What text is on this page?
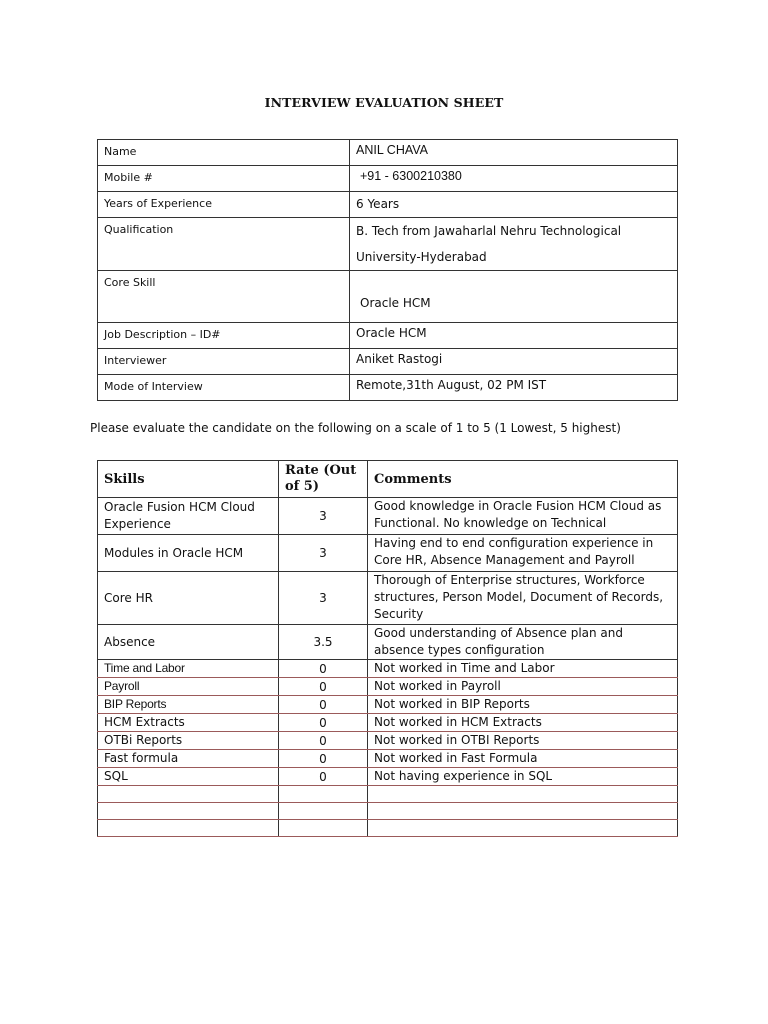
INTERVIEW EVALUATION SHEET
Name	ANIL CHAVA
Mobile #	+91 - 6300210380
Years of Experience	6 Years
Qualification	B. Tech from Jawaharlal Nehru Technological
University-Hyderabad

Core Skill	Oracle HCM
Job Description – ID#	Oracle HCM
Interviewer	Aniket Rastogi
Mode of Interview	Remote,31th August, 02 PM IST
Please evaluate the candidate on the following on a scale of 1 to 5 (1 Lowest, 5 highest)
Skills	Rate (Out of 5)	Comments
Oracle Fusion HCM Cloud Experience	3	Good knowledge in Oracle Fusion HCM Cloud as Functional. No knowledge on Technical
Modules in Oracle HCM	3	Having end to end configuration experience in Core HR, Absence Management and Payroll
Core HR	3	Thorough of Enterprise structures, Workforce structures, Person Model, Document of Records, Security
Absence	3.5	Good understanding of Absence plan and absence types configuration
Time and Labor	0	Not worked in Time and Labor
Payroll	0	Not worked in Payroll
BIP Reports	0	Not worked in BIP Reports
HCM Extracts	0	Not worked in HCM Extracts
OTBi Reports	0	Not worked in OTBI Reports
Fast formula	0	Not worked in Fast Formula
SQL	0	Not having experience in SQL
